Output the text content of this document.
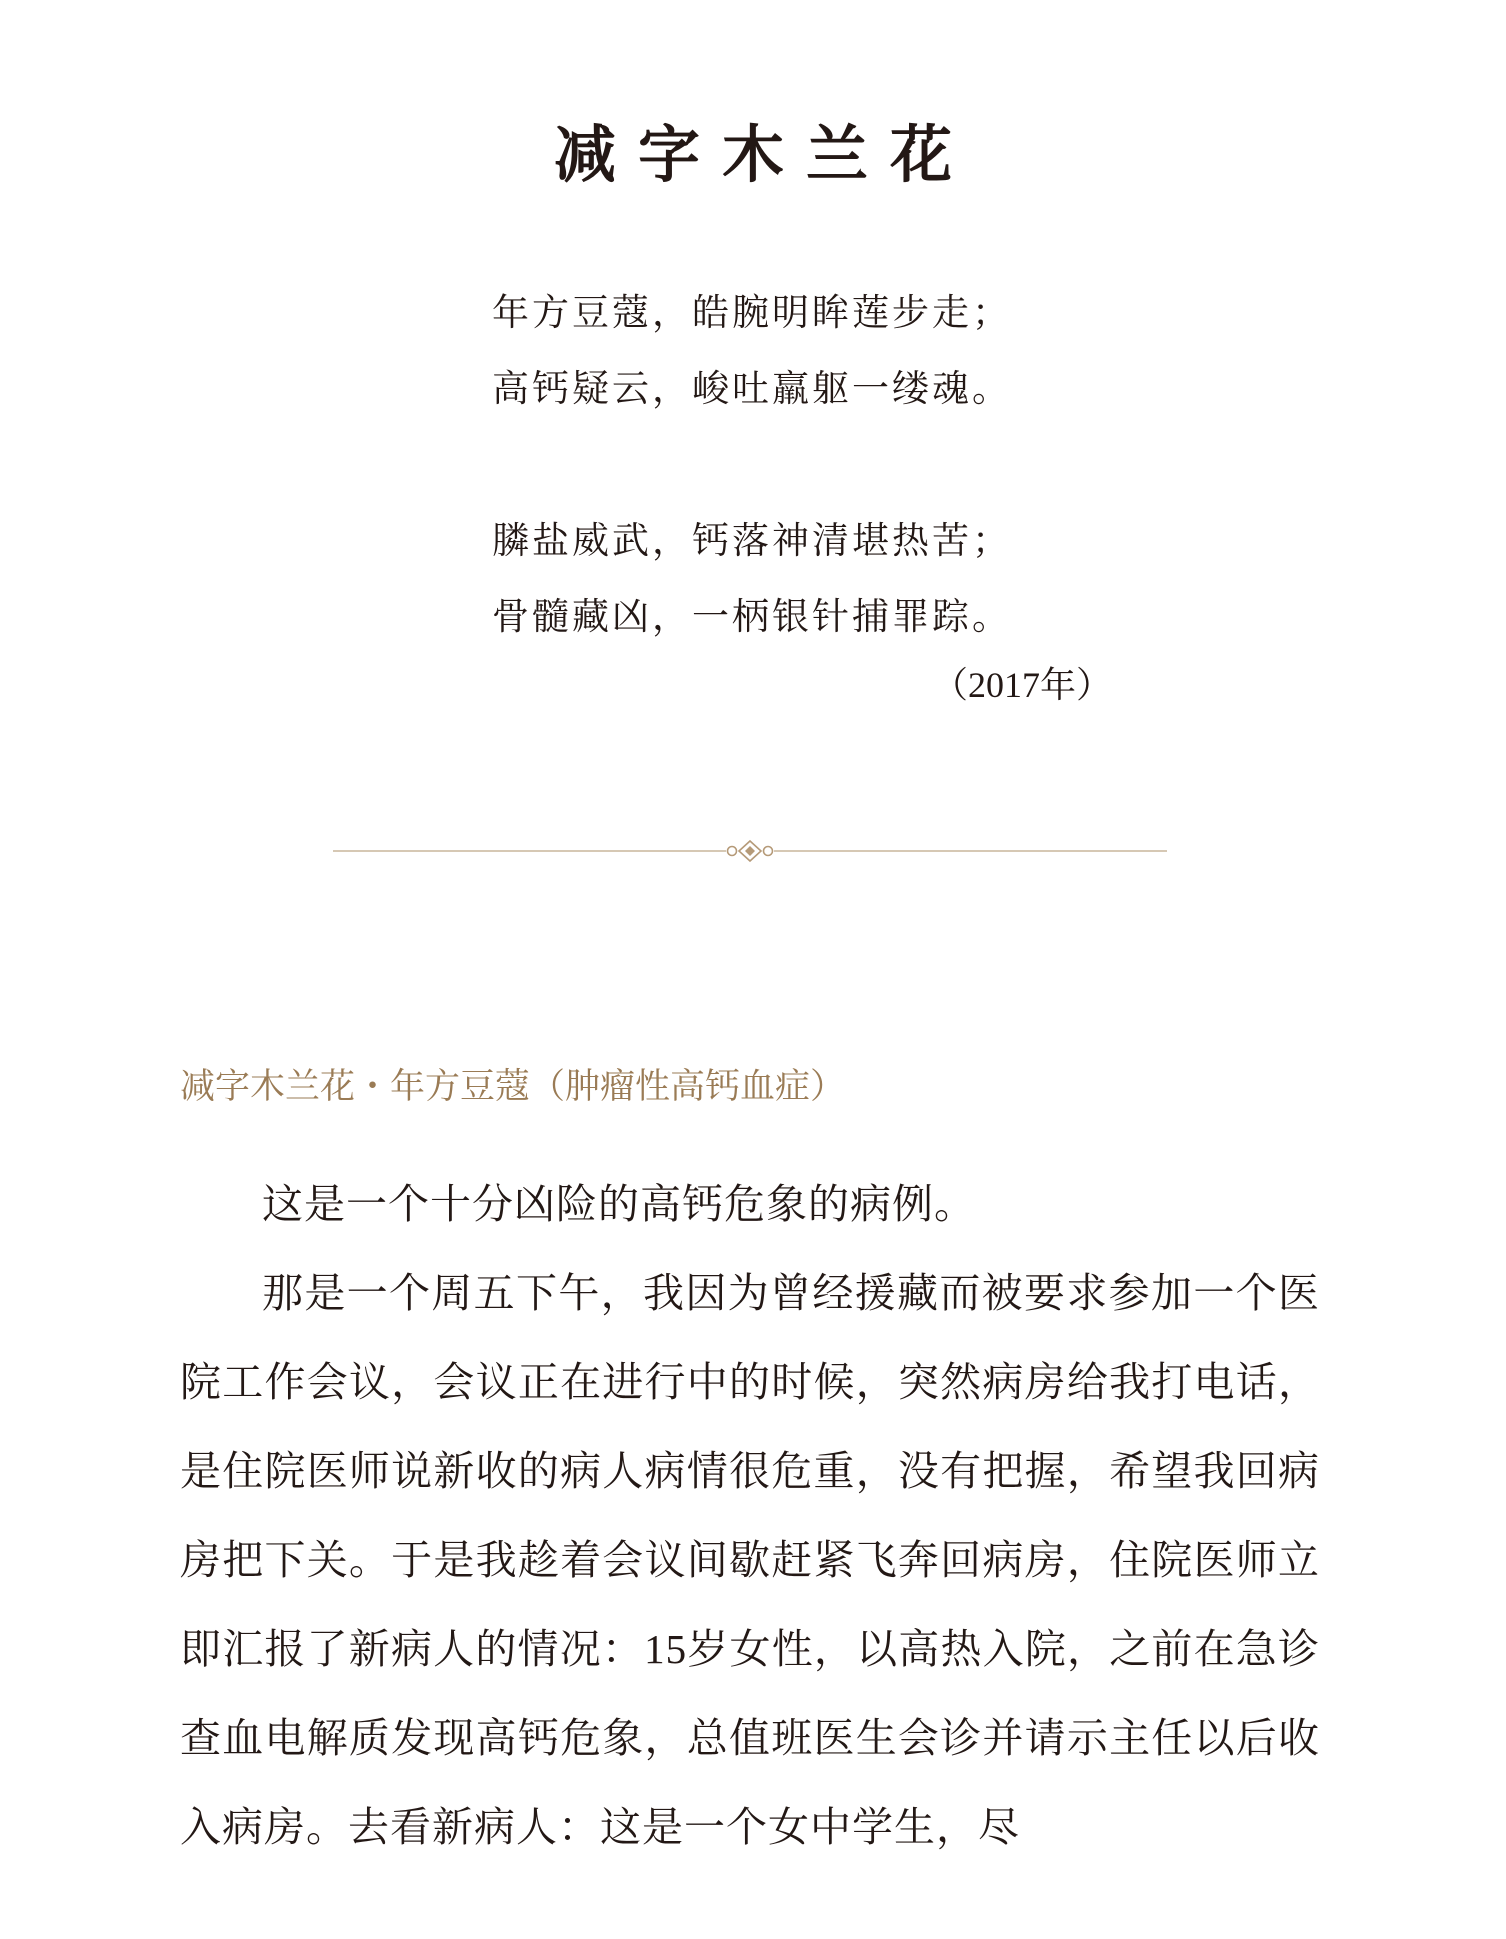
减字木兰花
年方豆蔻，皓腕明眸莲步走；
高钙疑云，峻吐羸躯一缕魂。
膦盐威武，钙落神清堪热苦；
骨髓藏凶，一柄银针捕罪踪。
（2017年）
减字木兰花・年方豆蔻（肿瘤性高钙血症）

这是一个十分凶险的高钙危象的病例。

那是一个周五下午，我因为曾经援藏而被要求参加一个医院工作会议，会议正在进行中的时候，突然病房给我打电话，是住院医师说新收的病人病情很危重，没有把握，希望我回病房把下关。于是我趁着会议间歇赶紧飞奔回病房，住院医师立即汇报了新病人的情况：15岁女性，以高热入院，之前在急诊查血电解质发现高钙危象，总值班医生会诊并请示主任以后收入病房。去看新病人：这是一个女中学生，尽
